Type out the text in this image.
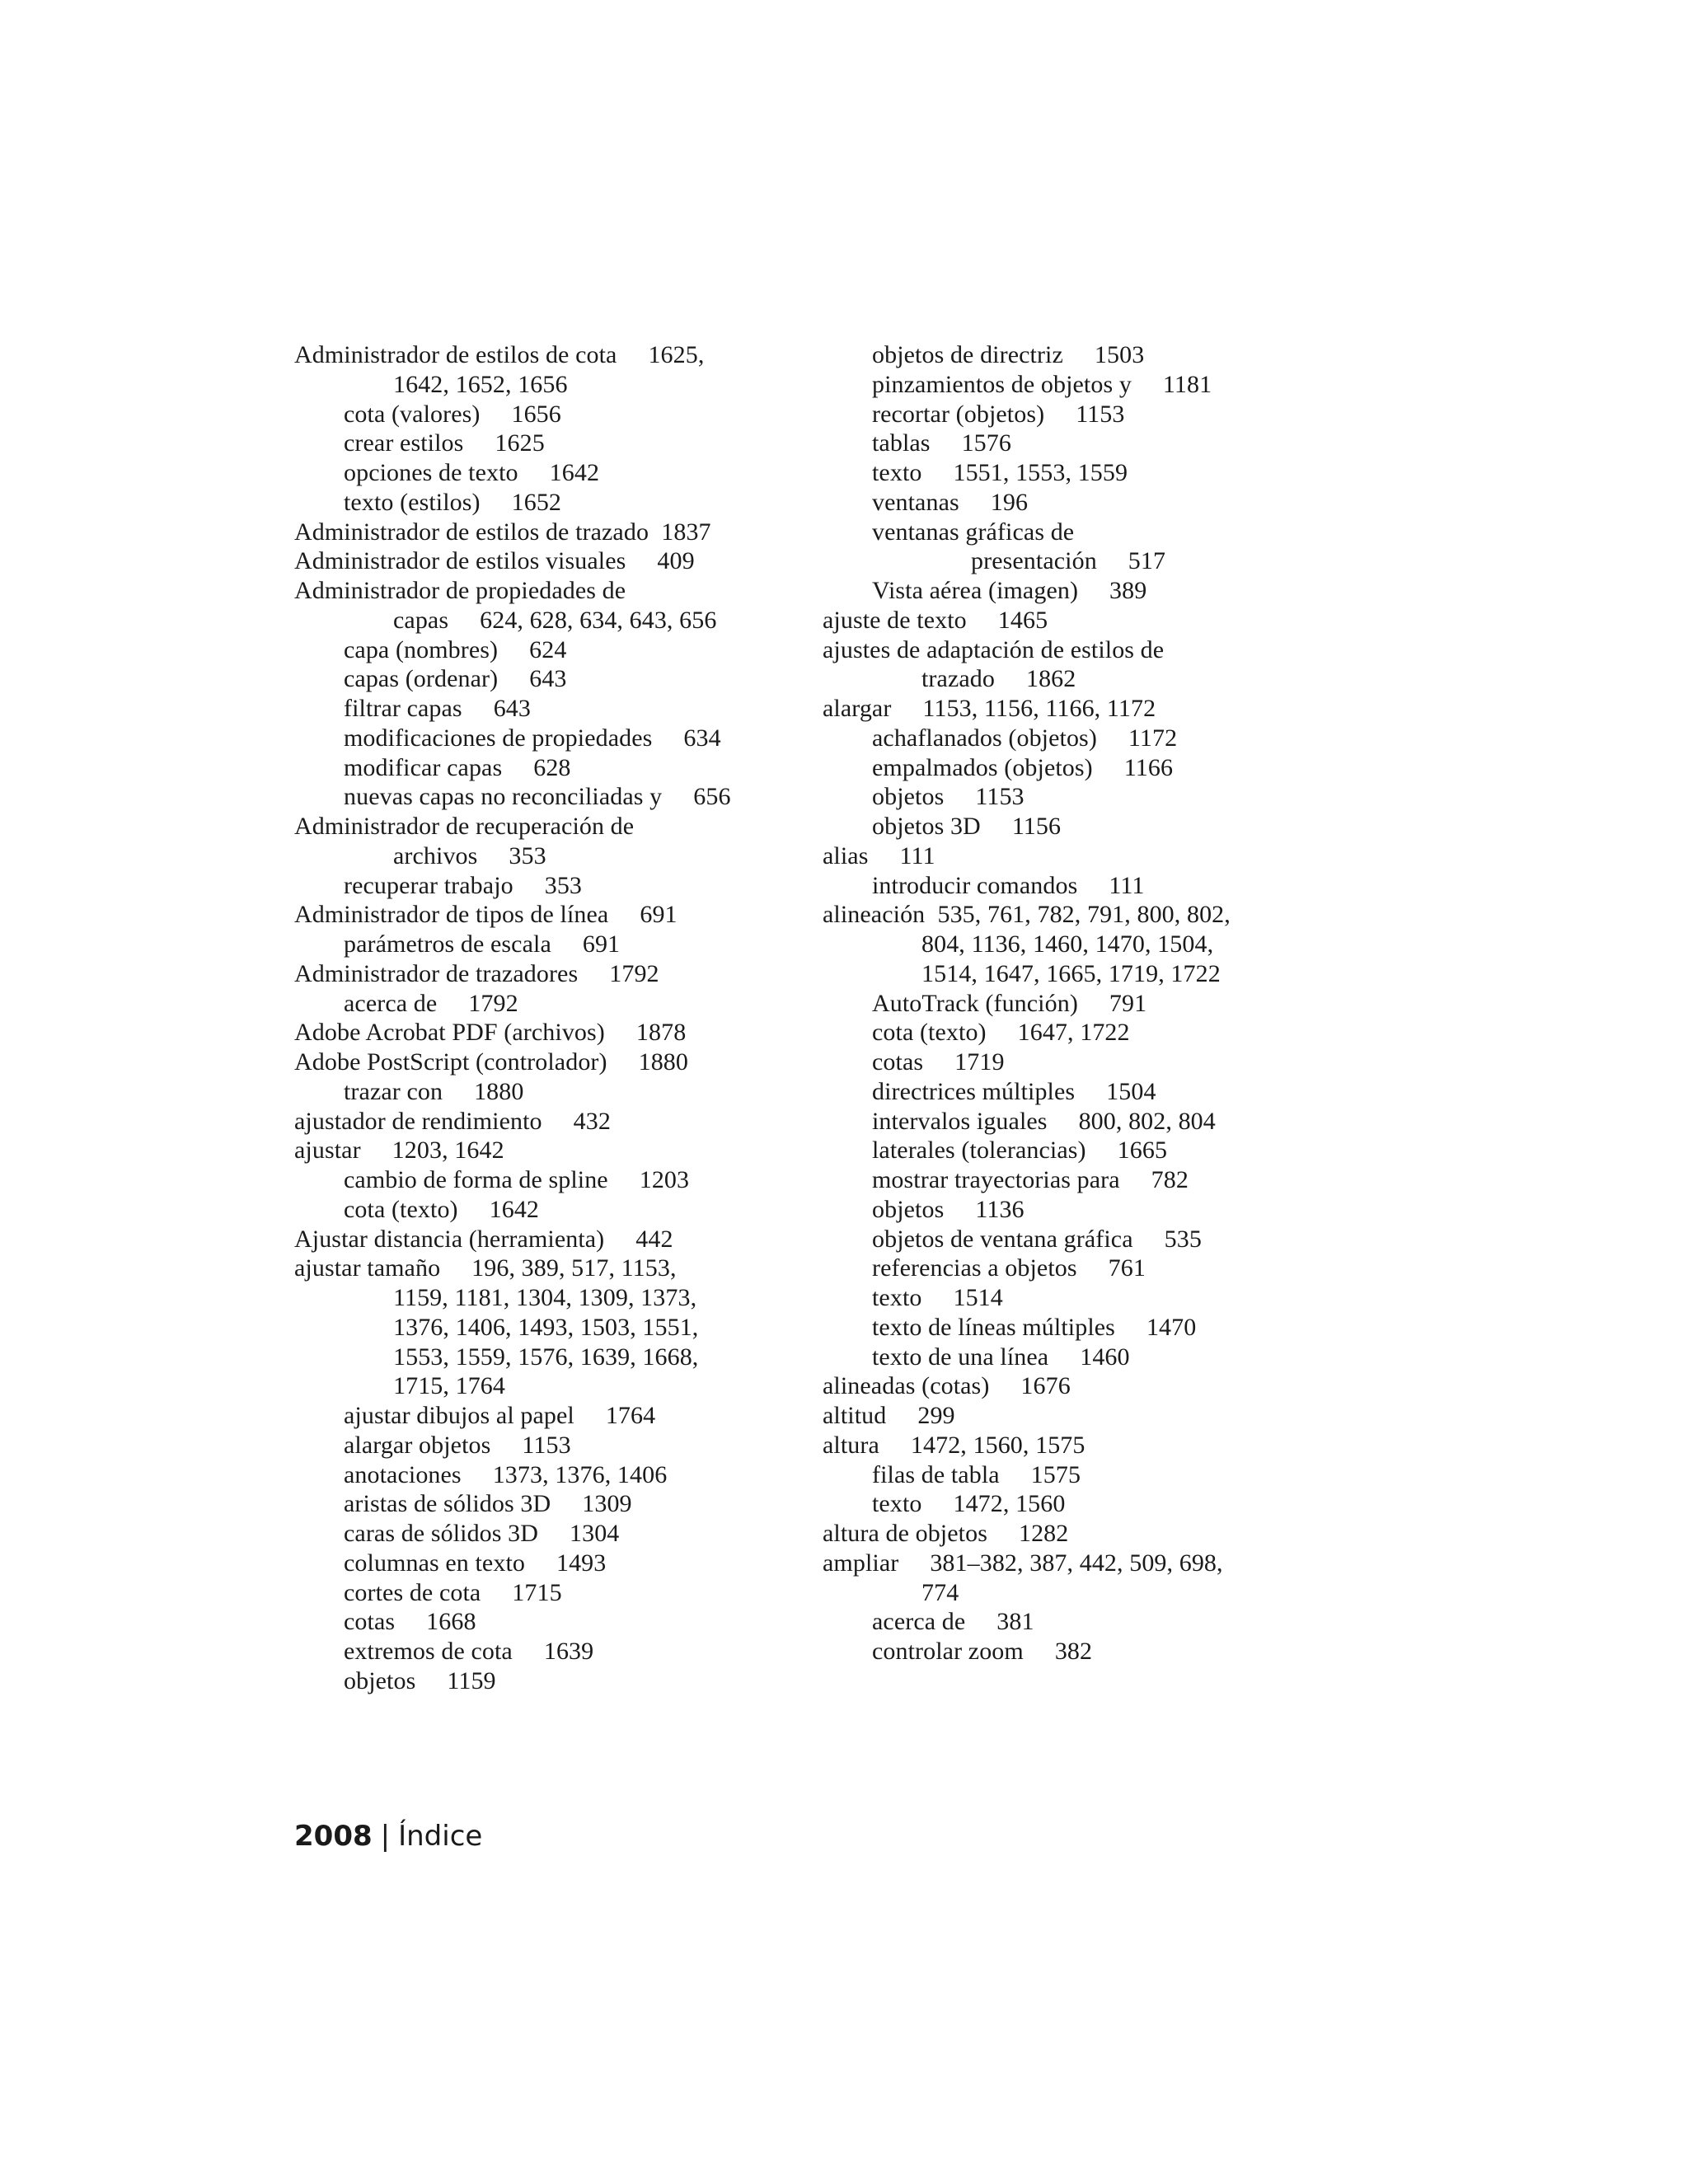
Administrador de estilos de cota     1625,
1642, 1652, 1656
cota (valores)     1656
crear estilos     1625
opciones de texto     1642
texto (estilos)     1652
Administrador de estilos de trazado  1837
Administrador de estilos visuales     409
Administrador de propiedades de
capas     624, 628, 634, 643, 656
capa (nombres)     624
capas (ordenar)     643
filtrar capas     643
modificaciones de propiedades     634
modificar capas     628
nuevas capas no reconciliadas y     656
Administrador de recuperación de
archivos     353
recuperar trabajo     353
Administrador de tipos de línea     691
parámetros de escala     691
Administrador de trazadores     1792
acerca de     1792
Adobe Acrobat PDF (archivos)     1878
Adobe PostScript (controlador)     1880
trazar con     1880
ajustador de rendimiento     432
ajustar     1203, 1642
cambio de forma de spline     1203
cota (texto)     1642
Ajustar distancia (herramienta)     442
ajustar tamaño     196, 389, 517, 1153,
1159, 1181, 1304, 1309, 1373,
1376, 1406, 1493, 1503, 1551,
1553, 1559, 1576, 1639, 1668,
1715, 1764
ajustar dibujos al papel     1764
alargar objetos     1153
anotaciones     1373, 1376, 1406
aristas de sólidos 3D     1309
caras de sólidos 3D     1304
columnas en texto     1493
cortes de cota     1715
cotas     1668
extremos de cota     1639
objetos     1159
objetos de directriz     1503
pinzamientos de objetos y     1181
recortar (objetos)     1153
tablas     1576
texto     1551, 1553, 1559
ventanas     196
ventanas gráficas de
presentación     517
Vista aérea (imagen)     389
ajuste de texto     1465
ajustes de adaptación de estilos de
trazado     1862
alargar     1153, 1156, 1166, 1172
achaflanados (objetos)     1172
empalmados (objetos)     1166
objetos     1153
objetos 3D     1156
alias     111
introducir comandos     111
alineación  535, 761, 782, 791, 800, 802,
804, 1136, 1460, 1470, 1504,
1514, 1647, 1665, 1719, 1722
AutoTrack (función)     791
cota (texto)     1647, 1722
cotas     1719
directrices múltiples     1504
intervalos iguales     800, 802, 804
laterales (tolerancias)     1665
mostrar trayectorias para     782
objetos     1136
objetos de ventana gráfica     535
referencias a objetos     761
texto     1514
texto de líneas múltiples     1470
texto de una línea     1460
alineadas (cotas)     1676
altitud     299
altura     1472, 1560, 1575
filas de tabla     1575
texto     1472, 1560
altura de objetos     1282
ampliar     381–382, 387, 442, 509, 698,
774
acerca de     381
controlar zoom     382
2008 | Índice
